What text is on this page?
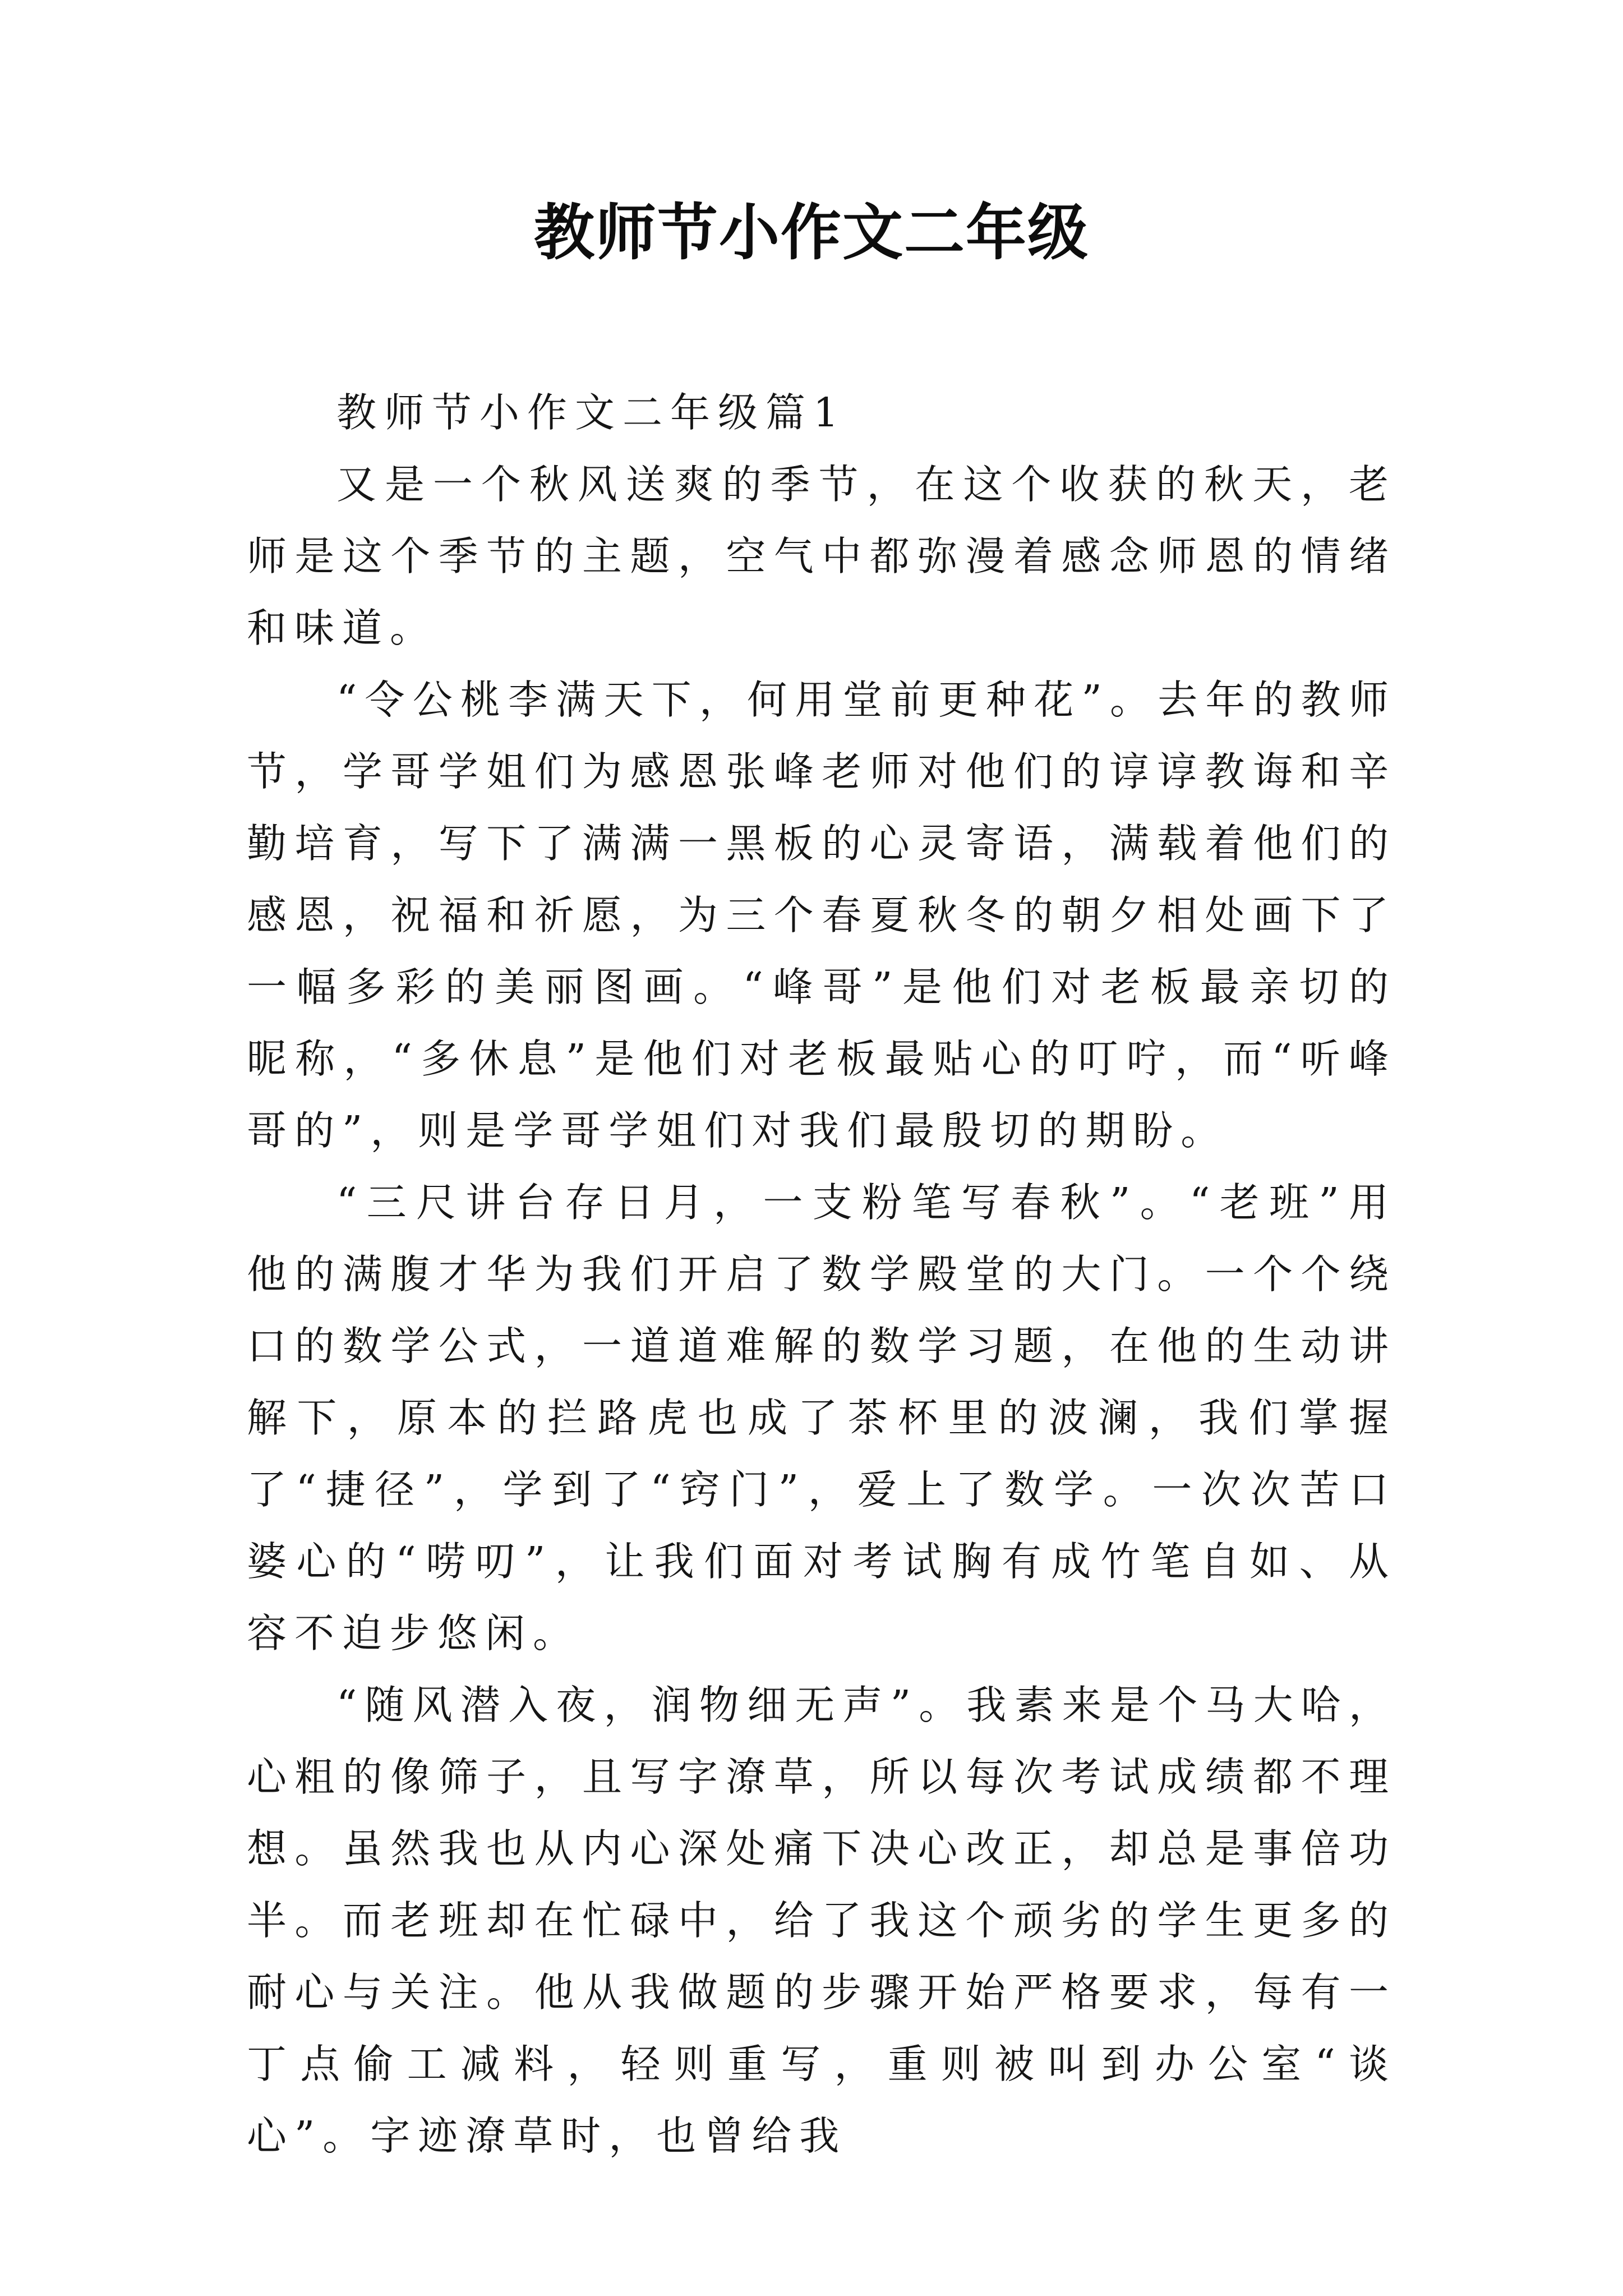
教师节小作文二年级

教师节小作文二年级篇1

又是一个秋风送爽的季节，在这个收获的秋天，老师是这个季节的主题，空气中都弥漫着感念师恩的情绪和味道。

“令公桃李满天下，何用堂前更种花”。去年的教师节，学哥学姐们为感恩张峰老师对他们的谆谆教诲和辛勤培育，写下了满满一黑板的心灵寄语，满载着他们的感恩，祝福和祈愿，为三个春夏秋冬的朝夕相处画下了一幅多彩的美丽图画。“峰哥”是他们对老板最亲切的昵称，“多休息”是他们对老板最贴心的叮咛，而“听峰哥的”，则是学哥学姐们对我们最殷切的期盼。

“三尺讲台存日月，一支粉笔写春秋”。“老班”用他的满腹才华为我们开启了数学殿堂的大门。一个个绕口的数学公式，一道道难解的数学习题，在他的生动讲解下，原本的拦路虎也成了茶杯里的波澜，我们掌握了“捷径”，学到了“窍门”，爱上了数学。一次次苦口婆心的“唠叨”，让我们面对考试胸有成竹笔自如、从容不迫步悠闲。

“随风潜入夜，润物细无声”。我素来是个马大哈，心粗的像筛子，且写字潦草，所以每次考试成绩都不理想。虽然我也从内心深处痛下决心改正，却总是事倍功半。而老班却在忙碌中，给了我这个顽劣的学生更多的耐心与关注。他从我做题的步骤开始严格要求，每有一丁点偷工减料，轻则重写，重则被叫到办公室“谈心”。字迹潦草时，也曾给我
